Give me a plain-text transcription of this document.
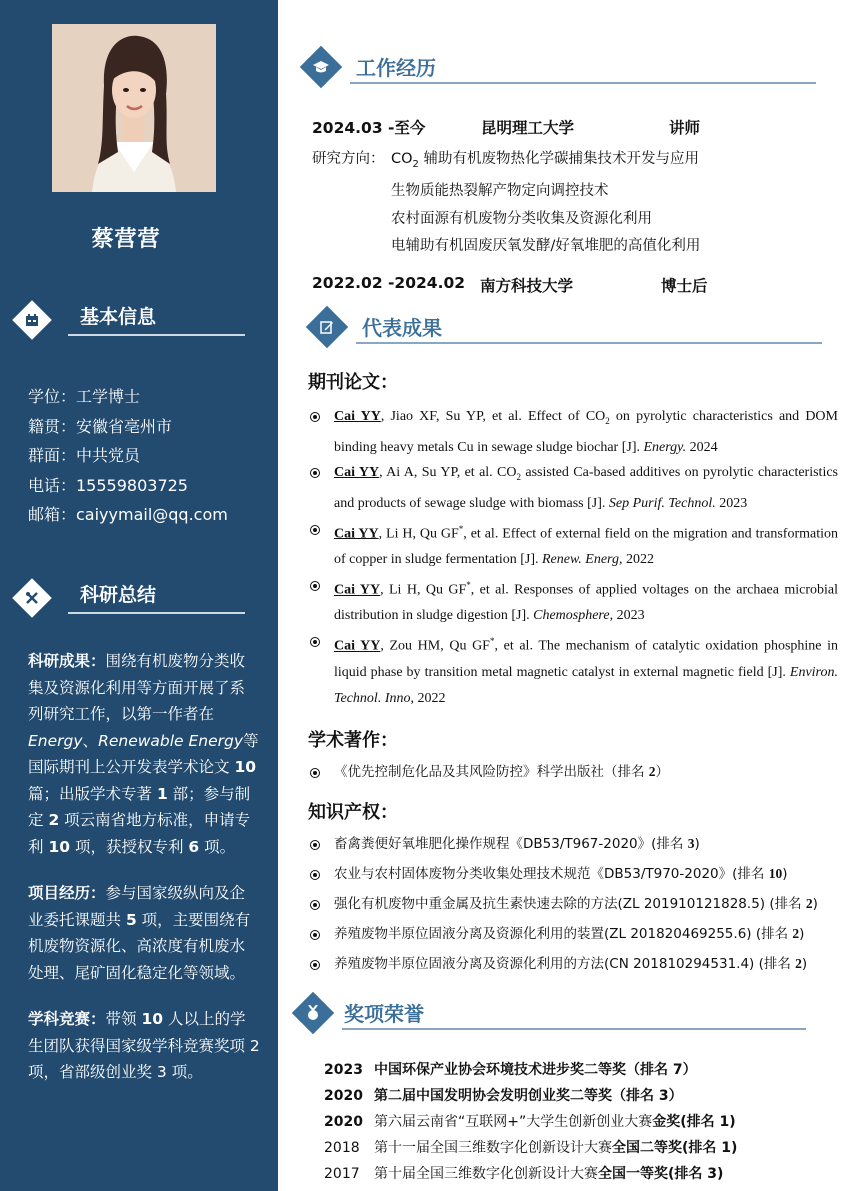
蔡营营
基本信息
学位：工学博士
籍贯：安徽省亳州市
群面：中共党员
电话：15559803725
邮箱：caiyymail@qq.com
科研总结

科研成果：围绕有机废物分类收集及资源化利用等方面开展了系列研究工作，以第一作者在 Energy、Renewable Energy等国际期刊上公开发表学术论文 10 篇；出版学术专著 1 部；参与制定 2 项云南省地方标准，申请专利 10 项，获授权专利 6 项。

项目经历：参与国家级纵向及企业委托课题共 5 项，主要围绕有机废物资源化、高浓度有机废水处理、尾矿固化稳定化等领域。

学科竞赛：带领 10 人以上的学生团队获得国家级学科竞赛奖项 2 项，省部级创业奖 3 项。

工作经历
2024.03 -至今	昆明理工大学	讲师
研究方向： $CO_2$ 辅助有机废物热化学碳捕集技术开发与应用
生物质能热裂解产物定向调控技术
农村面源有机废物分类收集及资源化利用
电辅助有机固废厌氧发酵/好氧堆肥的高值化利用
2022.02 -2024.02 南方科技大学	博士后
代表成果
期刊论文：
Cai YY, Jiao XF, Su YP, et al. Effect of $CO_2$ on pyrolytic characteristics and DOM binding heavy metals Cu in sewage sludge biochar [J]. Energy. 2024
Cai YY, Ai A, Su YP, et al. $CO_2$ assisted Ca-based additives on pyrolytic characteristics and products of sewage sludge with biomass [J]. Sep Purif. Technol. 2023
Cai YY, Li H, Qu GF*, et al. Effect of external field on the migration and transformation of copper in sludge fermentation [J]. Renew. Energ, 2022
Cai YY, Li H, Qu GF*, et al. Responses of applied voltages on the archaea microbial distribution in sludge digestion [J]. Chemosphere, 2023
Cai YY, Zou HM, Qu GF*, et al. The mechanism of catalytic oxidation phosphine in liquid phase by transition metal magnetic catalyst in external magnetic field [J]. Environ. Technol. Inno, 2022
学术著作：
《优先控制危化品及其风险防控》科学出版社（排名 2）
知识产权：
畜禽粪便好氧堆肥化操作规程《DB53/T967-2020》(排名 3)
农业与农村固体废物分类收集处理技术规范《DB53/T970-2020》(排名 10)
强化有机废物中重金属及抗生素快速去除的方法(ZL 201910121828.5) (排名 2)
养殖废物半原位固液分离及资源化利用的装置(ZL 201820469255.6) (排名 2)
养殖废物半原位固液分离及资源化利用的方法(CN 201810294531.4) (排名 2)
奖项荣誉
2023 中国环保产业协会环境技术进步奖二等奖（排名 7）
2020 第二届中国发明协会发明创业奖二等奖（排名 3）
2020 第六届云南省“互联网+”大学生创新创业大赛金奖(排名 1)
2018 第十一届全国三维数字化创新设计大赛全国二等奖(排名 1)
2017 第十届全国三维数字化创新设计大赛全国一等奖(排名 3)
